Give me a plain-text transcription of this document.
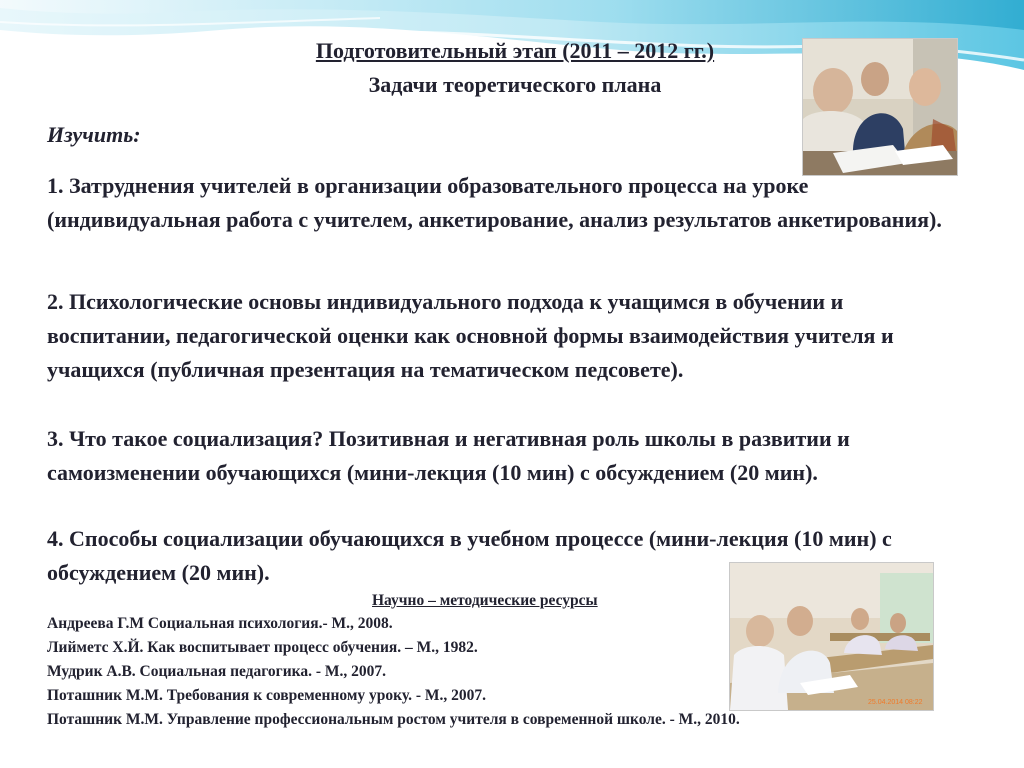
Подготовительный этап (2011 – 2012 гг.)
Задачи теоретического плана
Изучить:
1. Затруднения учителей в организации образовательного процесса на уроке (индивидуальная работа с учителем, анкетирование, анализ результатов анкетирования).
2. Психологические основы индивидуального подхода к учащимся в обучении и воспитании, педагогической оценки как основной формы взаимодействия учителя и учащихся (публичная презентация на тематическом педсовете).
3. Что такое социализация? Позитивная и негативная роль школы в развитии и самоизменении обучающихся (мини-лекция (10 мин) с обсуждением (20 мин).
4. Способы социализации обучающихся в учебном процессе (мини-лекция (10 мин) с обсуждением (20 мин).
25.04.2014 08:22
Научно – методические ресурсы
Андреева Г.М Социальная психология.- М., 2008.
Лийметс Х.Й. Как воспитывает процесс обучения. – М., 1982.
Мудрик А.В. Социальная педагогика. - М., 2007.
Поташник М.М. Требования к современному уроку. - М., 2007.
Поташник М.М. Управление профессиональным ростом учителя в современной школе. - М., 2010.
